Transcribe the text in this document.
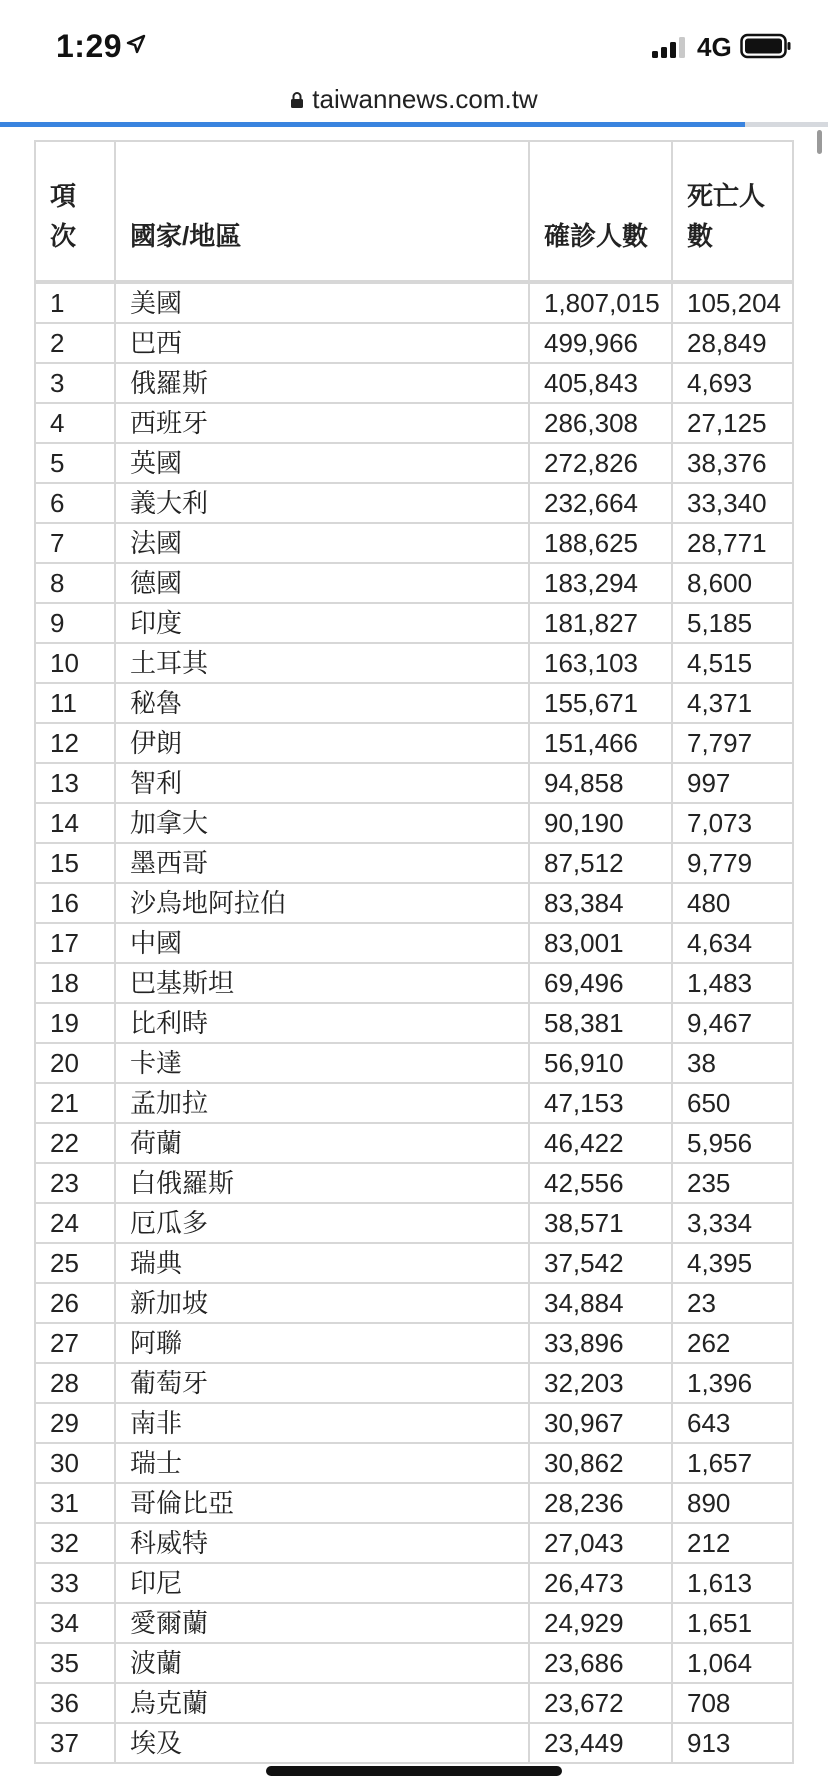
1:29	4G
taiwannews.com.tw
項次	國家/地區	確診人數	死亡人數
1	美國	1,807,015	105,204
2	巴西	499,966	28,849
3	俄羅斯	405,843	4,693
4	西班牙	286,308	27,125
5	英國	272,826	38,376
6	義大利	232,664	33,340
7	法國	188,625	28,771
8	德國	183,294	8,600
9	印度	181,827	5,185
10	土耳其	163,103	4,515
11	秘魯	155,671	4,371
12	伊朗	151,466	7,797
13	智利	94,858	997
14	加拿大	90,190	7,073
15	墨西哥	87,512	9,779
16	沙烏地阿拉伯	83,384	480
17	中國	83,001	4,634
18	巴基斯坦	69,496	1,483
19	比利時	58,381	9,467
20	卡達	56,910	38
21	孟加拉	47,153	650
22	荷蘭	46,422	5,956
23	白俄羅斯	42,556	235
24	厄瓜多	38,571	3,334
25	瑞典	37,542	4,395
26	新加坡	34,884	23
27	阿聯	33,896	262
28	葡萄牙	32,203	1,396
29	南非	30,967	643
30	瑞士	30,862	1,657
31	哥倫比亞	28,236	890
32	科威特	27,043	212
33	印尼	26,473	1,613
34	愛爾蘭	24,929	1,651
35	波蘭	23,686	1,064
36	烏克蘭	23,672	708
37	埃及	23,449	913
